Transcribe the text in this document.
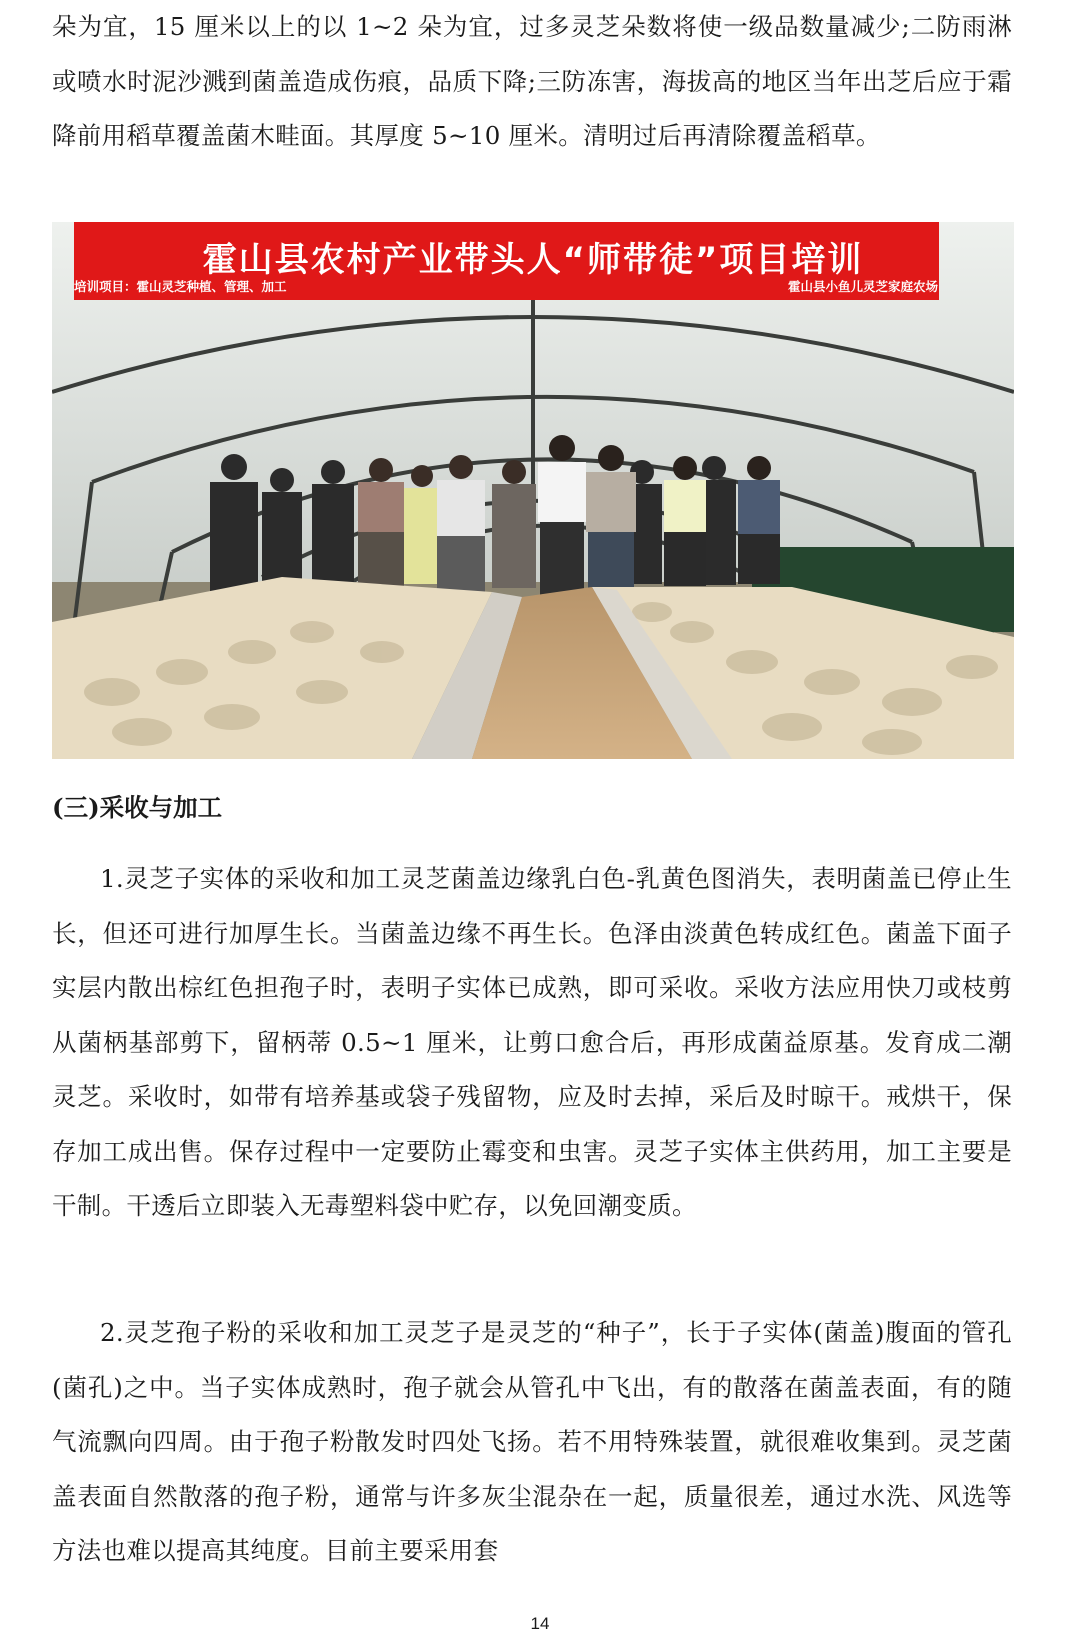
朵为宜，15 厘米以上的以 1~2 朵为宜，过多灵芝朵数将使一级品数量减少;二防雨淋或喷水时泥沙溅到菌盖造成伤痕，品质下降;三防冻害，海拔高的地区当年出芝后应于霜降前用稻草覆盖菌木畦面。其厚度 5~10 厘米。清明过后再清除覆盖稻草。

霍山县农村产业带头人“师带徒”项目培训
培训项目：霍山灵芝种植、管理、加工	霍山县小鱼儿灵芝家庭农场
(三)采收与加工

1.灵芝子实体的采收和加工灵芝菌盖边缘乳白色-乳黄色图消失，表明菌盖已停止生长，但还可进行加厚生长。当菌盖边缘不再生长。色泽由淡黄色转成红色。菌盖下面子实层内散出棕红色担孢子时，表明子实体已成熟，即可采收。采收方法应用快刀或枝剪从菌柄基部剪下，留柄蒂 0.5~1 厘米，让剪口愈合后，再形成菌益原基。发育成二潮灵芝。采收时，如带有培养基或袋子残留物，应及时去掉，采后及时晾干。戒烘干，保存加工成出售。保存过程中一定要防止霉变和虫害。灵芝子实体主供药用，加工主要是干制。干透后立即装入无毒塑料袋中贮存，以免回潮变质。

2.灵芝孢子粉的采收和加工灵芝子是灵芝的“种子”，长于子实体(菌盖)腹面的管孔(菌孔)之中。当子实体成熟时，孢子就会从管孔中飞出，有的散落在菌盖表面，有的随气流飘向四周。由于孢子粉散发时四处飞扬。若不用特殊装置，就很难收集到。灵芝菌盖表面自然散落的孢子粉，通常与许多灰尘混杂在一起，质量很差，通过水洗、风选等方法也难以提高其纯度。目前主要采用套

14
